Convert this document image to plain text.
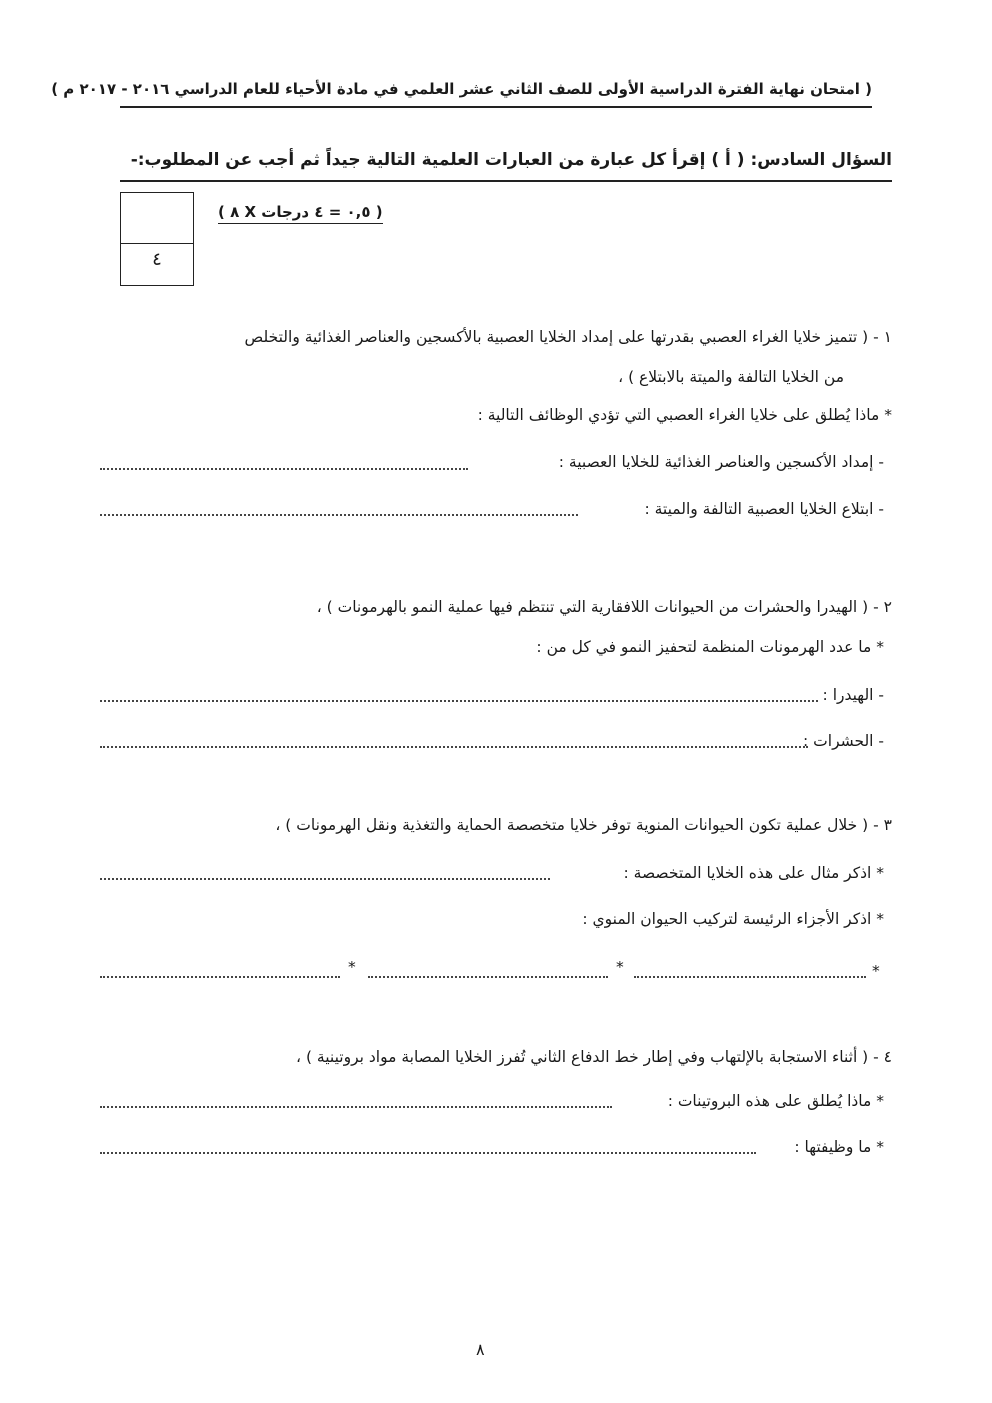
( امتحان نهاية الفترة الدراسية الأولى للصف الثاني عشر العلمي في مادة الأحياء للعام الدراسي ٢٠١٦ - ٢٠١٧ م )
السؤال السادس: ( أ ) إقرأ كل عبارة من العبارات العلمية التالية جيداً ثم أجب عن المطلوب:-
٤
( ٨ X ٠,٥ = ٤ درجات )
١ - ( تتميز خلايا الغراء العصبي بقدرتها على إمداد الخلايا العصبية بالأكسجين والعناصر الغذائية والتخلص
من الخلايا التالفة والميتة بالابتلاع ) ،
* ماذا يُطلق على خلايا الغراء العصبي التي تؤدي الوظائف التالية :
- إمداد الأكسجين والعناصر الغذائية للخلايا العصبية :
- ابتلاع الخلايا العصبية التالفة والميتة :
٢ - ( الهيدرا والحشرات من الحيوانات اللافقارية التي تنتظم فيها عملية النمو بالهرمونات ) ،
* ما عدد الهرمونات المنظمة لتحفيز النمو في كل من :
- الهيدرا :
- الحشرات :
٣ - ( خلال عملية تكون الحيوانات المنوية توفر خلايا متخصصة الحماية والتغذية ونقل الهرمونات ) ،
* اذكر مثال على هذه الخلايا المتخصصة :
* اذكر الأجزاء الرئيسة لتركيب الحيوان المنوي :
*
*
*
٤ - ( أثناء الاستجابة بالإلتهاب وفي إطار خط الدفاع الثاني تُفرز الخلايا المصابة مواد بروتينية ) ،
* ماذا يُطلق على هذه البروتينات :
* ما وظيفتها :
٨
